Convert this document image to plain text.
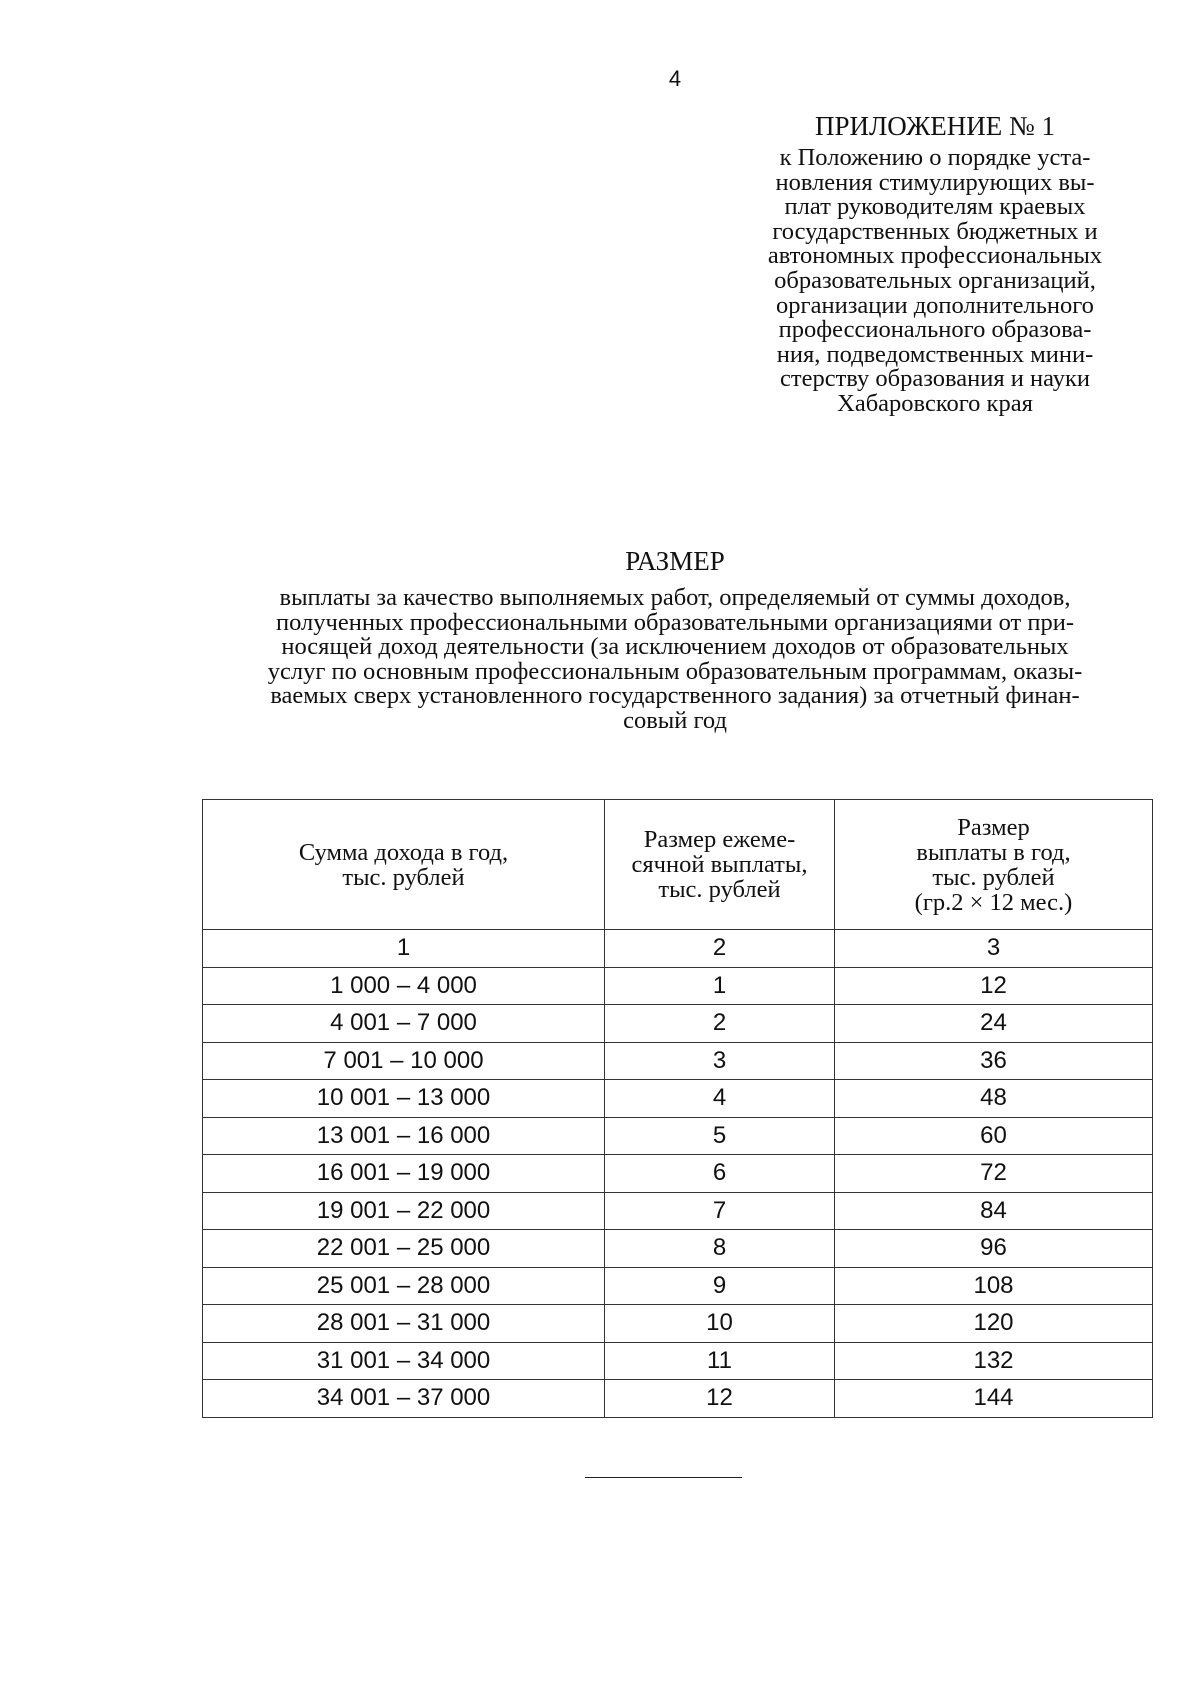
4
ПРИЛОЖЕНИЕ № 1
к Положению о порядке уста-
новления стимулирующих вы-
плат руководителям краевых
государственных бюджетных и
автономных профессиональных
образовательных организаций,
организации дополнительного
профессионального образова-
ния, подведомственных мини-
стерству образования и науки
Хабаровского края
РАЗМЕР
выплаты за качество выполняемых работ, определяемый от суммы доходов,
полученных профессиональными образовательными организациями от при-
носящей доход деятельности (за исключением доходов от образовательных
услуг по основным профессиональным образовательным программам, оказы-
ваемых сверх установленного государственного задания) за отчетный финан-
совый год
Сумма дохода в год,
тыс. рублей	Размер ежеме-
сячной выплаты,
тыс. рублей	Размер
выплаты в год,
тыс. рублей
(гр.2 × 12 мес.)

1	2	3
1 000 – 4 000	1	12
4 001 – 7 000	2	24
7 001 – 10 000	3	36
10 001 – 13 000	4	48
13 001 – 16 000	5	60
16 001 – 19 000	6	72
19 001 – 22 000	7	84
22 001 – 25 000	8	96
25 001 – 28 000	9	108
28 001 – 31 000	10	120
31 001 – 34 000	11	132
34 001 – 37 000	12	144
